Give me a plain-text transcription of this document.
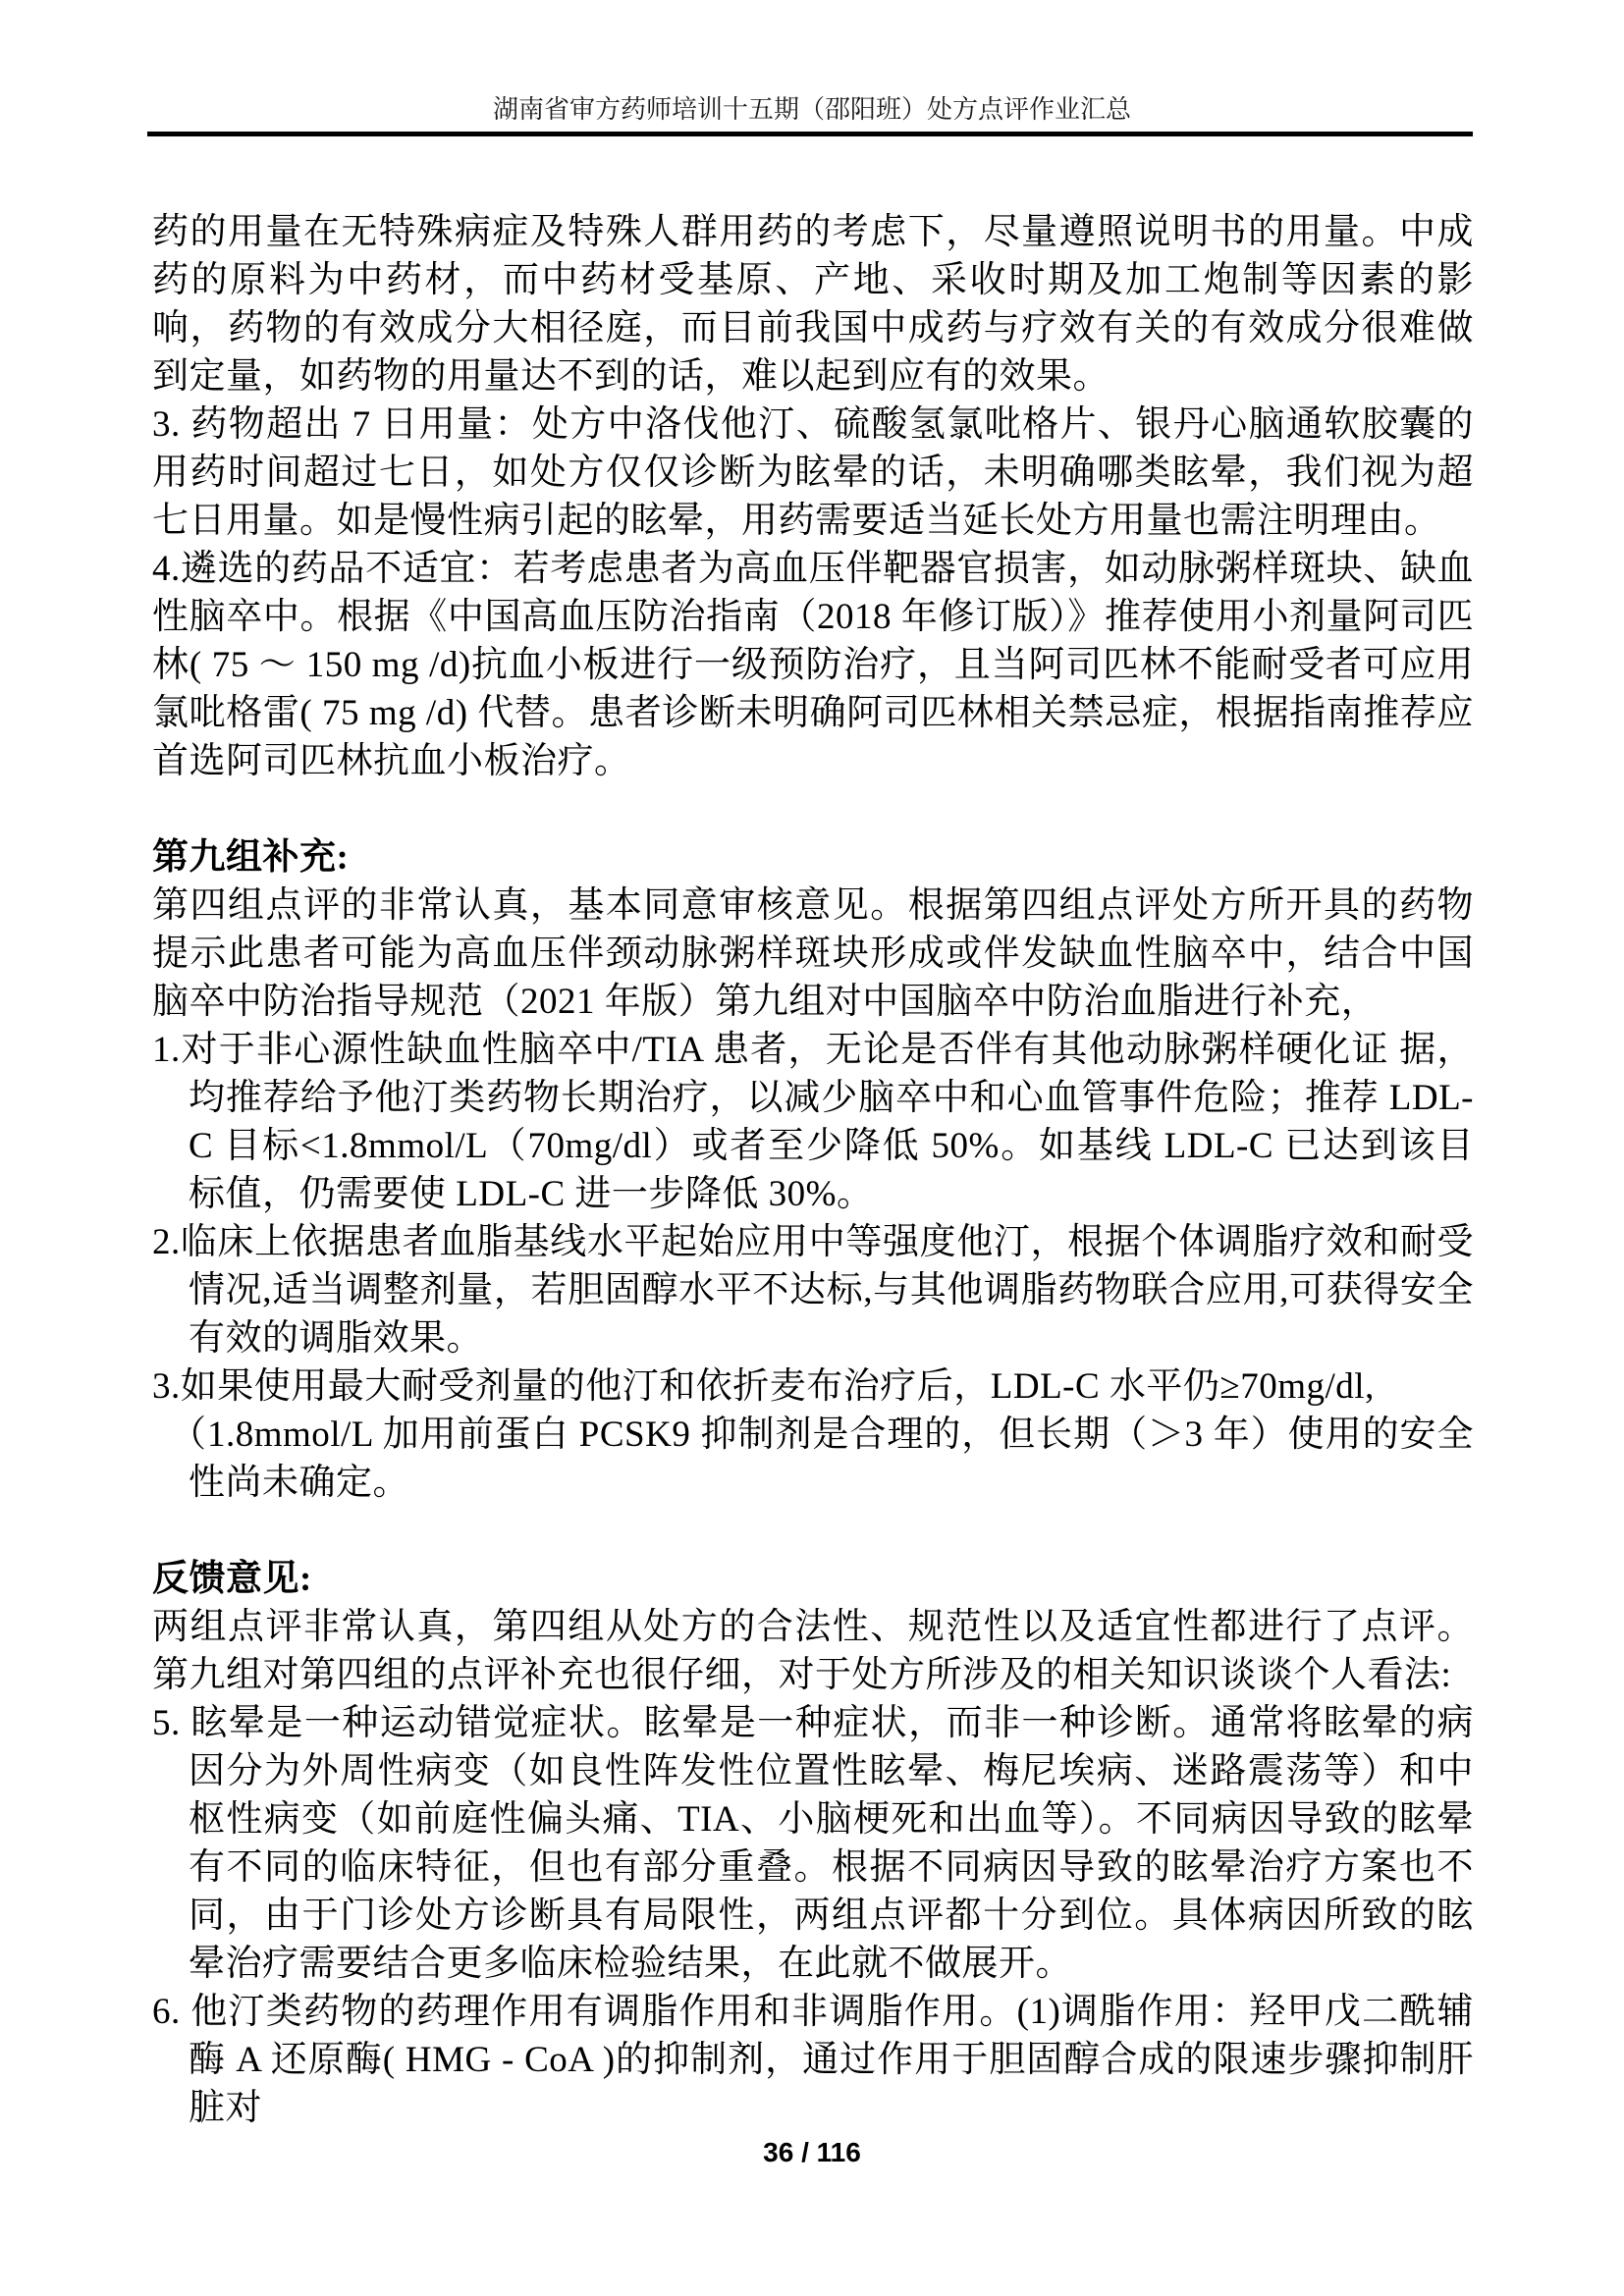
湖南省审方药师培训十五期（邵阳班）处方点评作业汇总

药的用量在无特殊病症及特殊人群用药的考虑下，尽量遵照说明书的用量。中成药的原料为中药材，而中药材受基原、产地、采收时期及加工炮制等因素的影响，药物的有效成分大相径庭，而目前我国中成药与疗效有关的有效成分很难做到定量，如药物的用量达不到的话，难以起到应有的效果。

3. 药物超出 7 日用量：处方中洛伐他汀、硫酸氢氯吡格片、银丹心脑通软胶囊的用药时间超过七日，如处方仅仅诊断为眩晕的话，未明确哪类眩晕，我们视为超七日用量。如是慢性病引起的眩晕，用药需要适当延长处方用量也需注明理由。

4.遴选的药品不适宜：若考虑患者为高血压伴靶器官损害，如动脉粥样斑块、缺血性脑卒中。根据《中国高血压防治指南（2018 年修订版）》推荐使用小剂量阿司匹林( 75 ～ 150 mg /d)抗血小板进行一级预防治疗，且当阿司匹林不能耐受者可应用氯吡格雷( 75 mg /d) 代替。患者诊断未明确阿司匹林相关禁忌症，根据指南推荐应首选阿司匹林抗血小板治疗。

第九组补充:

第四组点评的非常认真，基本同意审核意见。根据第四组点评处方所开具的药物提示此患者可能为高血压伴颈动脉粥样斑块形成或伴发缺血性脑卒中，结合中国脑卒中防治指导规范（2021 年版）第九组对中国脑卒中防治血脂进行补充，

1.对于非心源性缺血性脑卒中/TIA 患者，无论是否伴有其他动脉粥样硬化证 据，均推荐给予他汀类药物长期治疗，以减少脑卒中和心血管事件危险；推荐 LDL-C 目标<1.8mmol/L（70mg/dl）或者至少降低 50%。如基线 LDL-C 已达到该目标值，仍需要使 LDL-C 进一步降低 30%。

2.临床上依据患者血脂基线水平起始应用中等强度他汀，根据个体调脂疗效和耐受情况,适当调整剂量，若胆固醇水平不达标,与其他调脂药物联合应用,可获得安全有效的调脂效果。

3.如果使用最大耐受剂量的他汀和依折麦布治疗后，LDL-C 水平仍≥70mg/dl,

（1.8mmol/L 加用前蛋白 PCSK9 抑制剂是合理的，但长期（＞3 年）使用的安全性尚未确定。

反馈意见:

两组点评非常认真，第四组从处方的合法性、规范性以及适宜性都进行了点评。第九组对第四组的点评补充也很仔细，对于处方所涉及的相关知识谈谈个人看法:

5. 眩晕是一种运动错觉症状。眩晕是一种症状，而非一种诊断。通常将眩晕的病因分为外周性病变（如良性阵发性位置性眩晕、梅尼埃病、迷路震荡等）和中枢性病变（如前庭性偏头痛、TIA、小脑梗死和出血等）。不同病因导致的眩晕有不同的临床特征，但也有部分重叠。根据不同病因导致的眩晕治疗方案也不同，由于门诊处方诊断具有局限性，两组点评都十分到位。具体病因所致的眩晕治疗需要结合更多临床检验结果，在此就不做展开。

6. 他汀类药物的药理作用有调脂作用和非调脂作用。(1)调脂作用：羟甲戊二酰辅酶 A 还原酶( HMG - CoA )的抑制剂，通过作用于胆固醇合成的限速步骤抑制肝脏对

36 / 116
